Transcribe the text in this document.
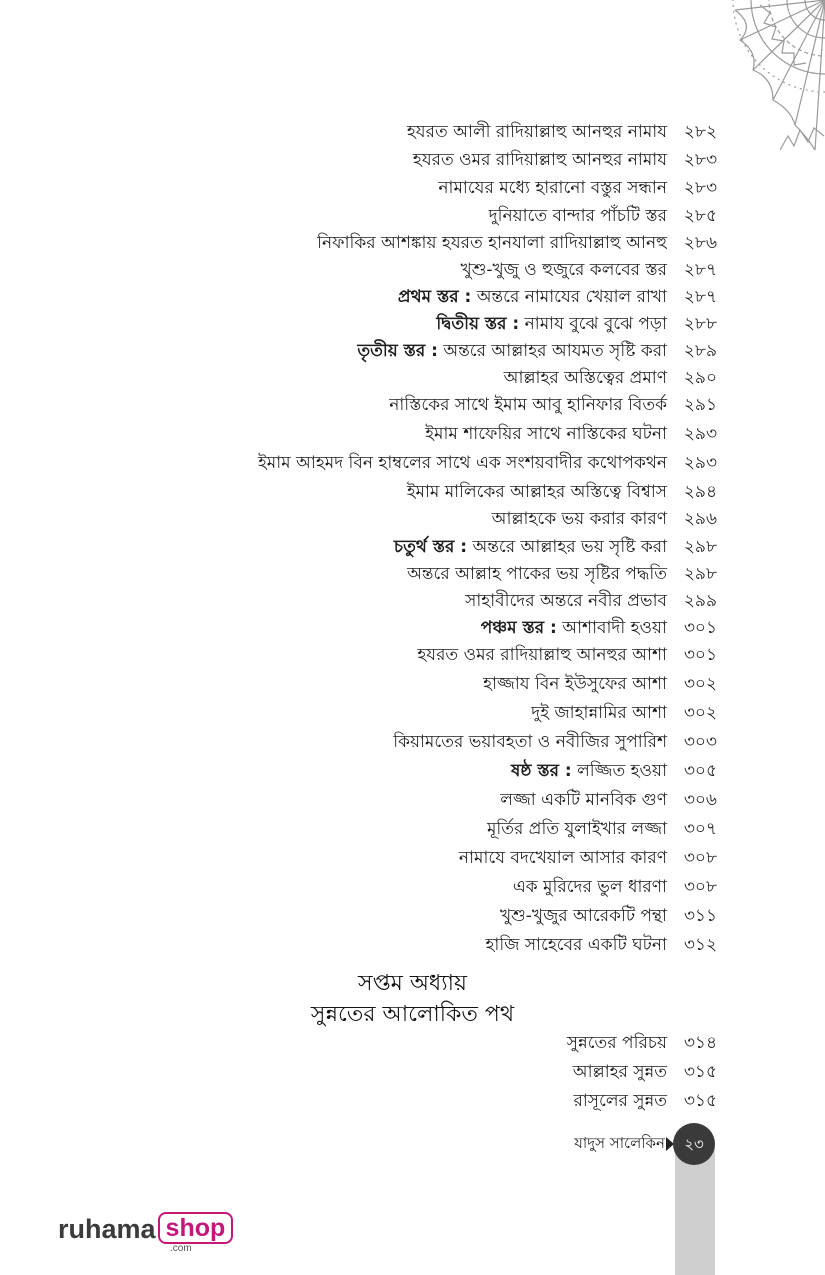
হযরত আলী রাদিয়াল্লাহু আনহুর নামায ২৮২
হযরত ওমর রাদিয়াল্লাহু আনহুর নামায ২৮৩
নামাযের মধ্যে হারানো বস্তুর সন্ধান ২৮৩
দুনিয়াতে বান্দার পাঁচটি স্তর ২৮৫
নিফাকির আশঙ্কায় হযরত হানযালা রাদিয়াল্লাহু আনহু ২৮৬
খুশু-খুজু ও হুজুরে কলবের স্তর ২৮৭
প্রথম স্তর : অন্তরে নামাযের খেয়াল রাখা ২৮৭
দ্বিতীয় স্তর : নামায বুঝে বুঝে পড়া ২৮৮
তৃতীয় স্তর : অন্তরে আল্লাহর আযমত সৃষ্টি করা ২৮৯
আল্লাহর অস্তিত্বের প্রমাণ ২৯০
নাস্তিকের সাথে ইমাম আবু হানিফার বিতর্ক ২৯১
ইমাম শাফেয়ির সাথে নাস্তিকের ঘটনা ২৯৩
ইমাম আহমদ বিন হাম্বলের সাথে এক সংশয়বাদীর কথোপকথন ২৯৩
ইমাম মালিকের আল্লাহর অস্তিত্বে বিশ্বাস ২৯৪
আল্লাহকে ভয় করার কারণ ২৯৬
চতুর্থ স্তর : অন্তরে আল্লাহর ভয় সৃষ্টি করা ২৯৮
অন্তরে আল্লাহ পাকের ভয় সৃষ্টির পদ্ধতি ২৯৮
সাহাবীদের অন্তরে নবীর প্রভাব ২৯৯
পঞ্চম স্তর : আশাবাদী হওয়া ৩০১
হযরত ওমর রাদিয়াল্লাহু আনহুর আশা ৩০১
হাজ্জায বিন ইউসুফের আশা ৩০২
দুই জাহান্নামির আশা ৩০২
কিয়ামতের ভয়াবহতা ও নবীজির সুপারিশ ৩০৩
ষষ্ঠ স্তর : লজ্জিত হওয়া ৩০৫
লজ্জা একটি মানবিক গুণ ৩০৬
মূর্তির প্রতি যুলাইখার লজ্জা ৩০৭
নামাযে বদখেয়াল আসার কারণ ৩০৮
এক মুরিদের ভুল ধারণা ৩০৮
খুশু-খুজুর আরেকটি পন্থা ৩১১
হাজি সাহেবের একটি ঘটনা ৩১২
সপ্তম অধ্যায়
সুন্নতের আলোকিত পথ
সুন্নতের পরিচয় ৩১৪
আল্লাহর সুন্নত ৩১৫
রাসূলের সুন্নত ৩১৫
যাদুস সালেকিন	২৩
ruhama shop
.com
